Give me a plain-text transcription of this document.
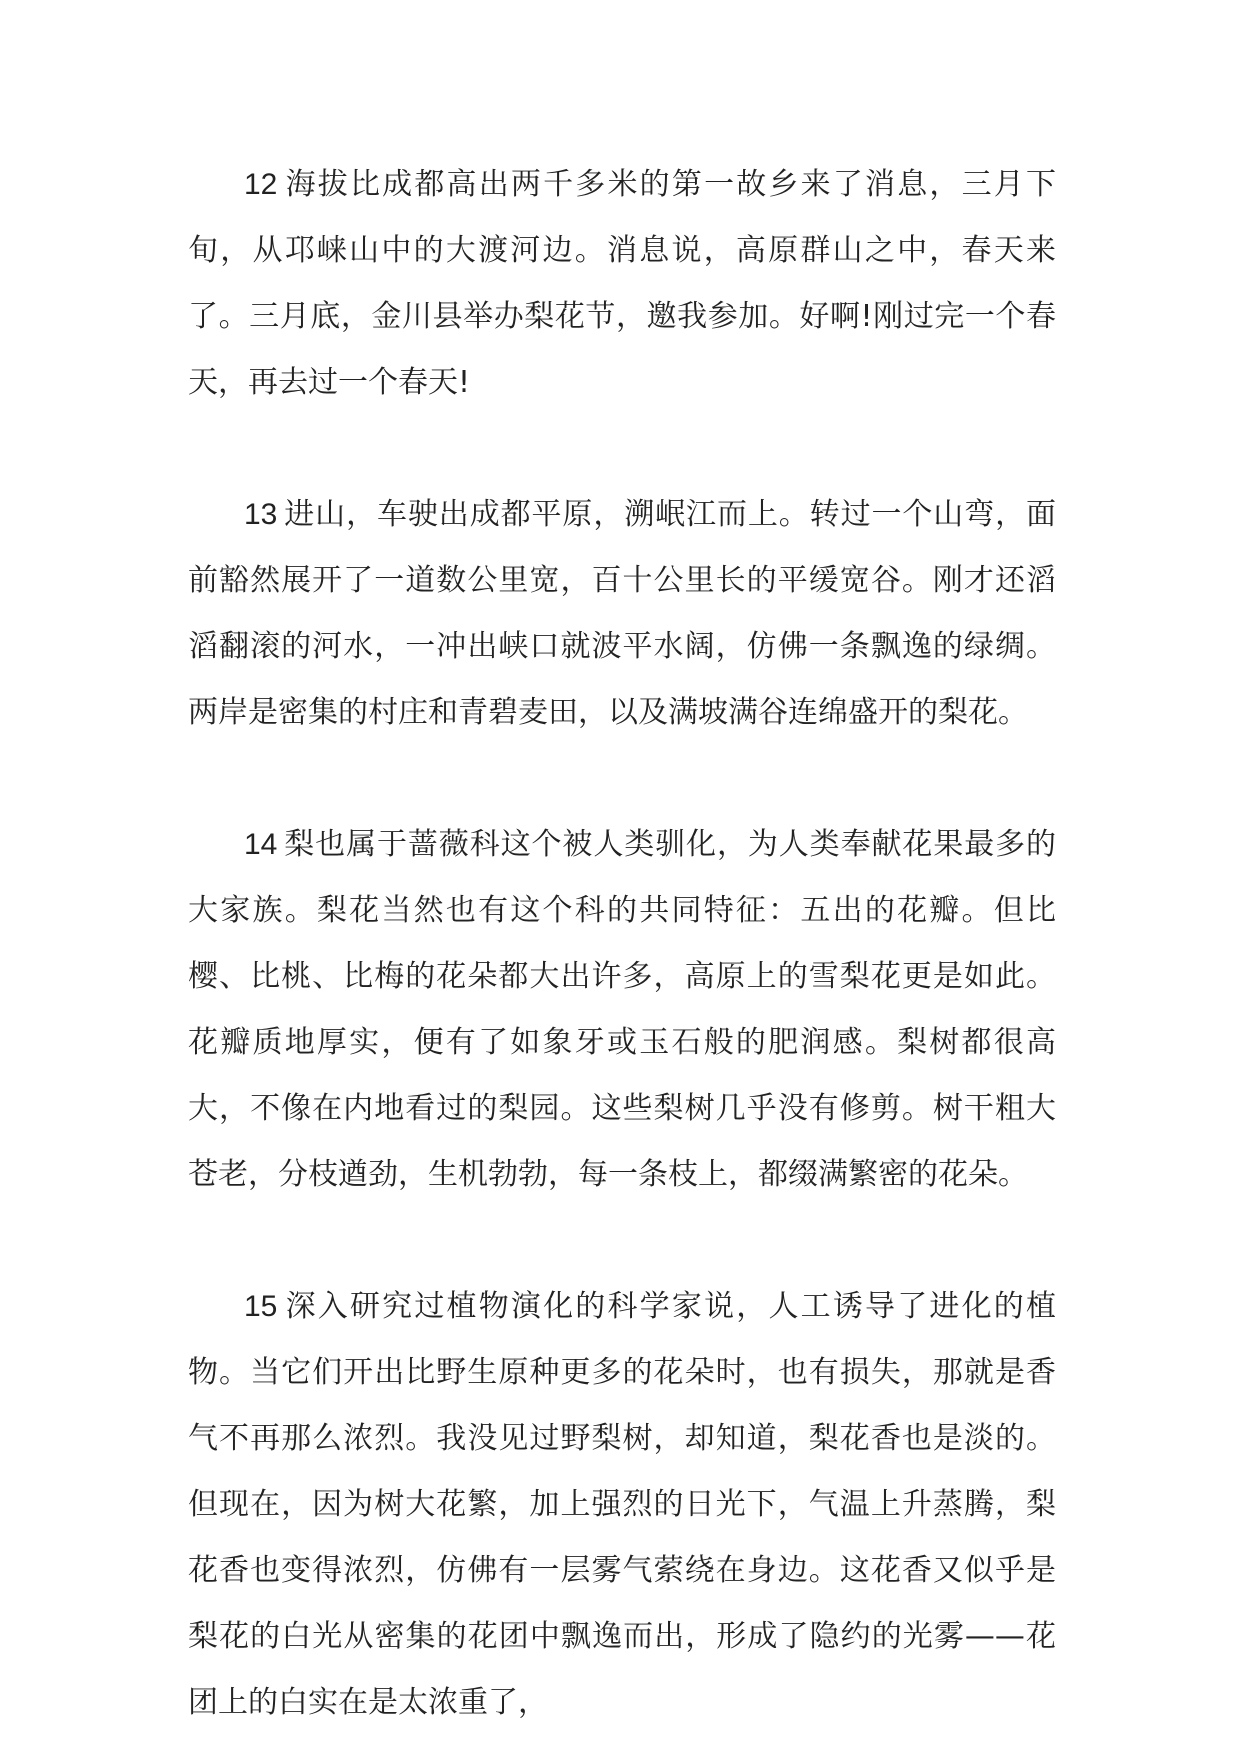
12 海拔比成都高出两千多米的第一故乡来了消息，三月下旬，从邛崃山中的大渡河边。消息说，高原群山之中，春天来了。三月底，金川县举办梨花节，邀我参加。好啊!刚过完一个春天，再去过一个春天!

13 进山，车驶出成都平原，溯岷江而上。转过一个山弯，面前豁然展开了一道数公里宽，百十公里长的平缓宽谷。刚才还滔滔翻滚的河水，一冲出峡口就波平水阔，仿佛一条飘逸的绿绸。两岸是密集的村庄和青碧麦田，以及满坡满谷连绵盛开的梨花。

14 梨也属于蔷薇科这个被人类驯化，为人类奉献花果最多的大家族。梨花当然也有这个科的共同特征：五出的花瓣。但比樱、比桃、比梅的花朵都大出许多，高原上的雪梨花更是如此。花瓣质地厚实，便有了如象牙或玉石般的肥润感。梨树都很高大，不像在内地看过的梨园。这些梨树几乎没有修剪。树干粗大苍老，分枝遒劲，生机勃勃，每一条枝上，都缀满繁密的花朵。

15 深入研究过植物演化的科学家说，人工诱导了进化的植物。当它们开出比野生原种更多的花朵时，也有损失，那就是香气不再那么浓烈。我没见过野梨树，却知道，梨花香也是淡的。但现在，因为树大花繁，加上强烈的日光下，气温上升蒸腾，梨花香也变得浓烈，仿佛有一层雾气萦绕在身边。这花香又似乎是梨花的白光从密集的花团中飘逸而出，形成了隐约的光雾——花团上的白实在是太浓重了，
